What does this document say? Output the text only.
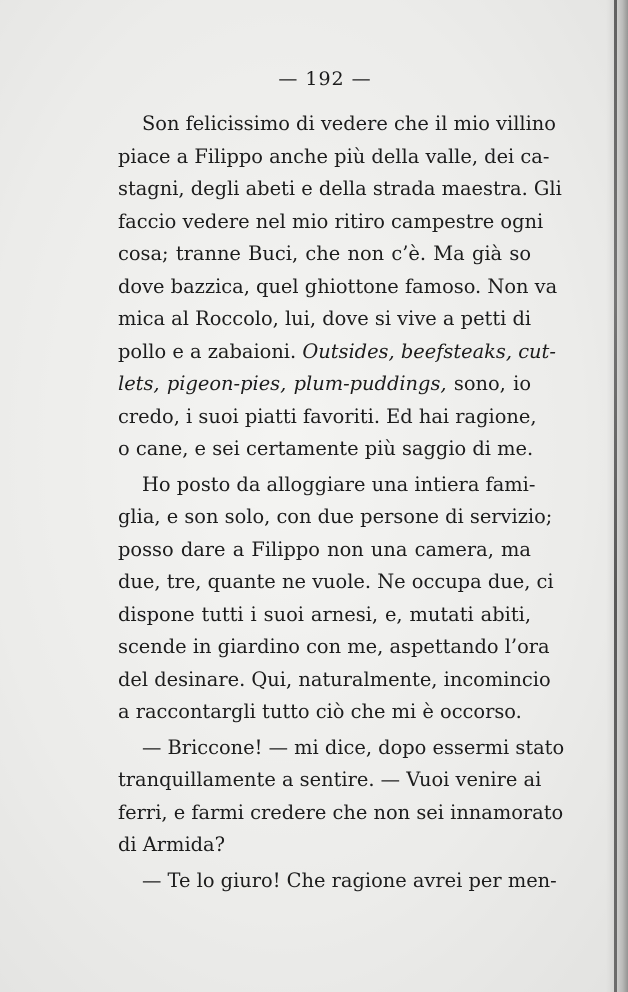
— 192 —
Son felicissimo di vedere che il mio villino
piace a Filippo anche più della valle, dei ca-
stagni, degli abeti e della strada maestra. Gli
faccio vedere nel mio ritiro campestre ogni
cosa; tranne Buci, che non c’è. Ma già so
dove bazzica, quel ghiottone famoso. Non va
mica al Roccolo, lui, dove si vive a petti di
pollo e a zabaioni. Outsides, beefsteaks, cut-
lets, pigeon-pies, plum-puddings, sono, io
credo, i suoi piatti favoriti. Ed hai ragione,
o cane, e sei certamente più saggio di me.
Ho posto da alloggiare una intiera fami-
glia, e son solo, con due persone di servizio;
posso dare a Filippo non una camera, ma
due, tre, quante ne vuole. Ne occupa due, ci
dispone tutti i suoi arnesi, e, mutati abiti,
scende in giardino con me, aspettando l’ora
del desinare. Qui, naturalmente, incomincio
a raccontargli tutto ciò che mi è occorso.
— Briccone! — mi dice, dopo essermi stato
tranquillamente a sentire. — Vuoi venire ai
ferri, e farmi credere che non sei innamorato
di Armida?
— Te lo giuro! Che ragione avrei per men-
